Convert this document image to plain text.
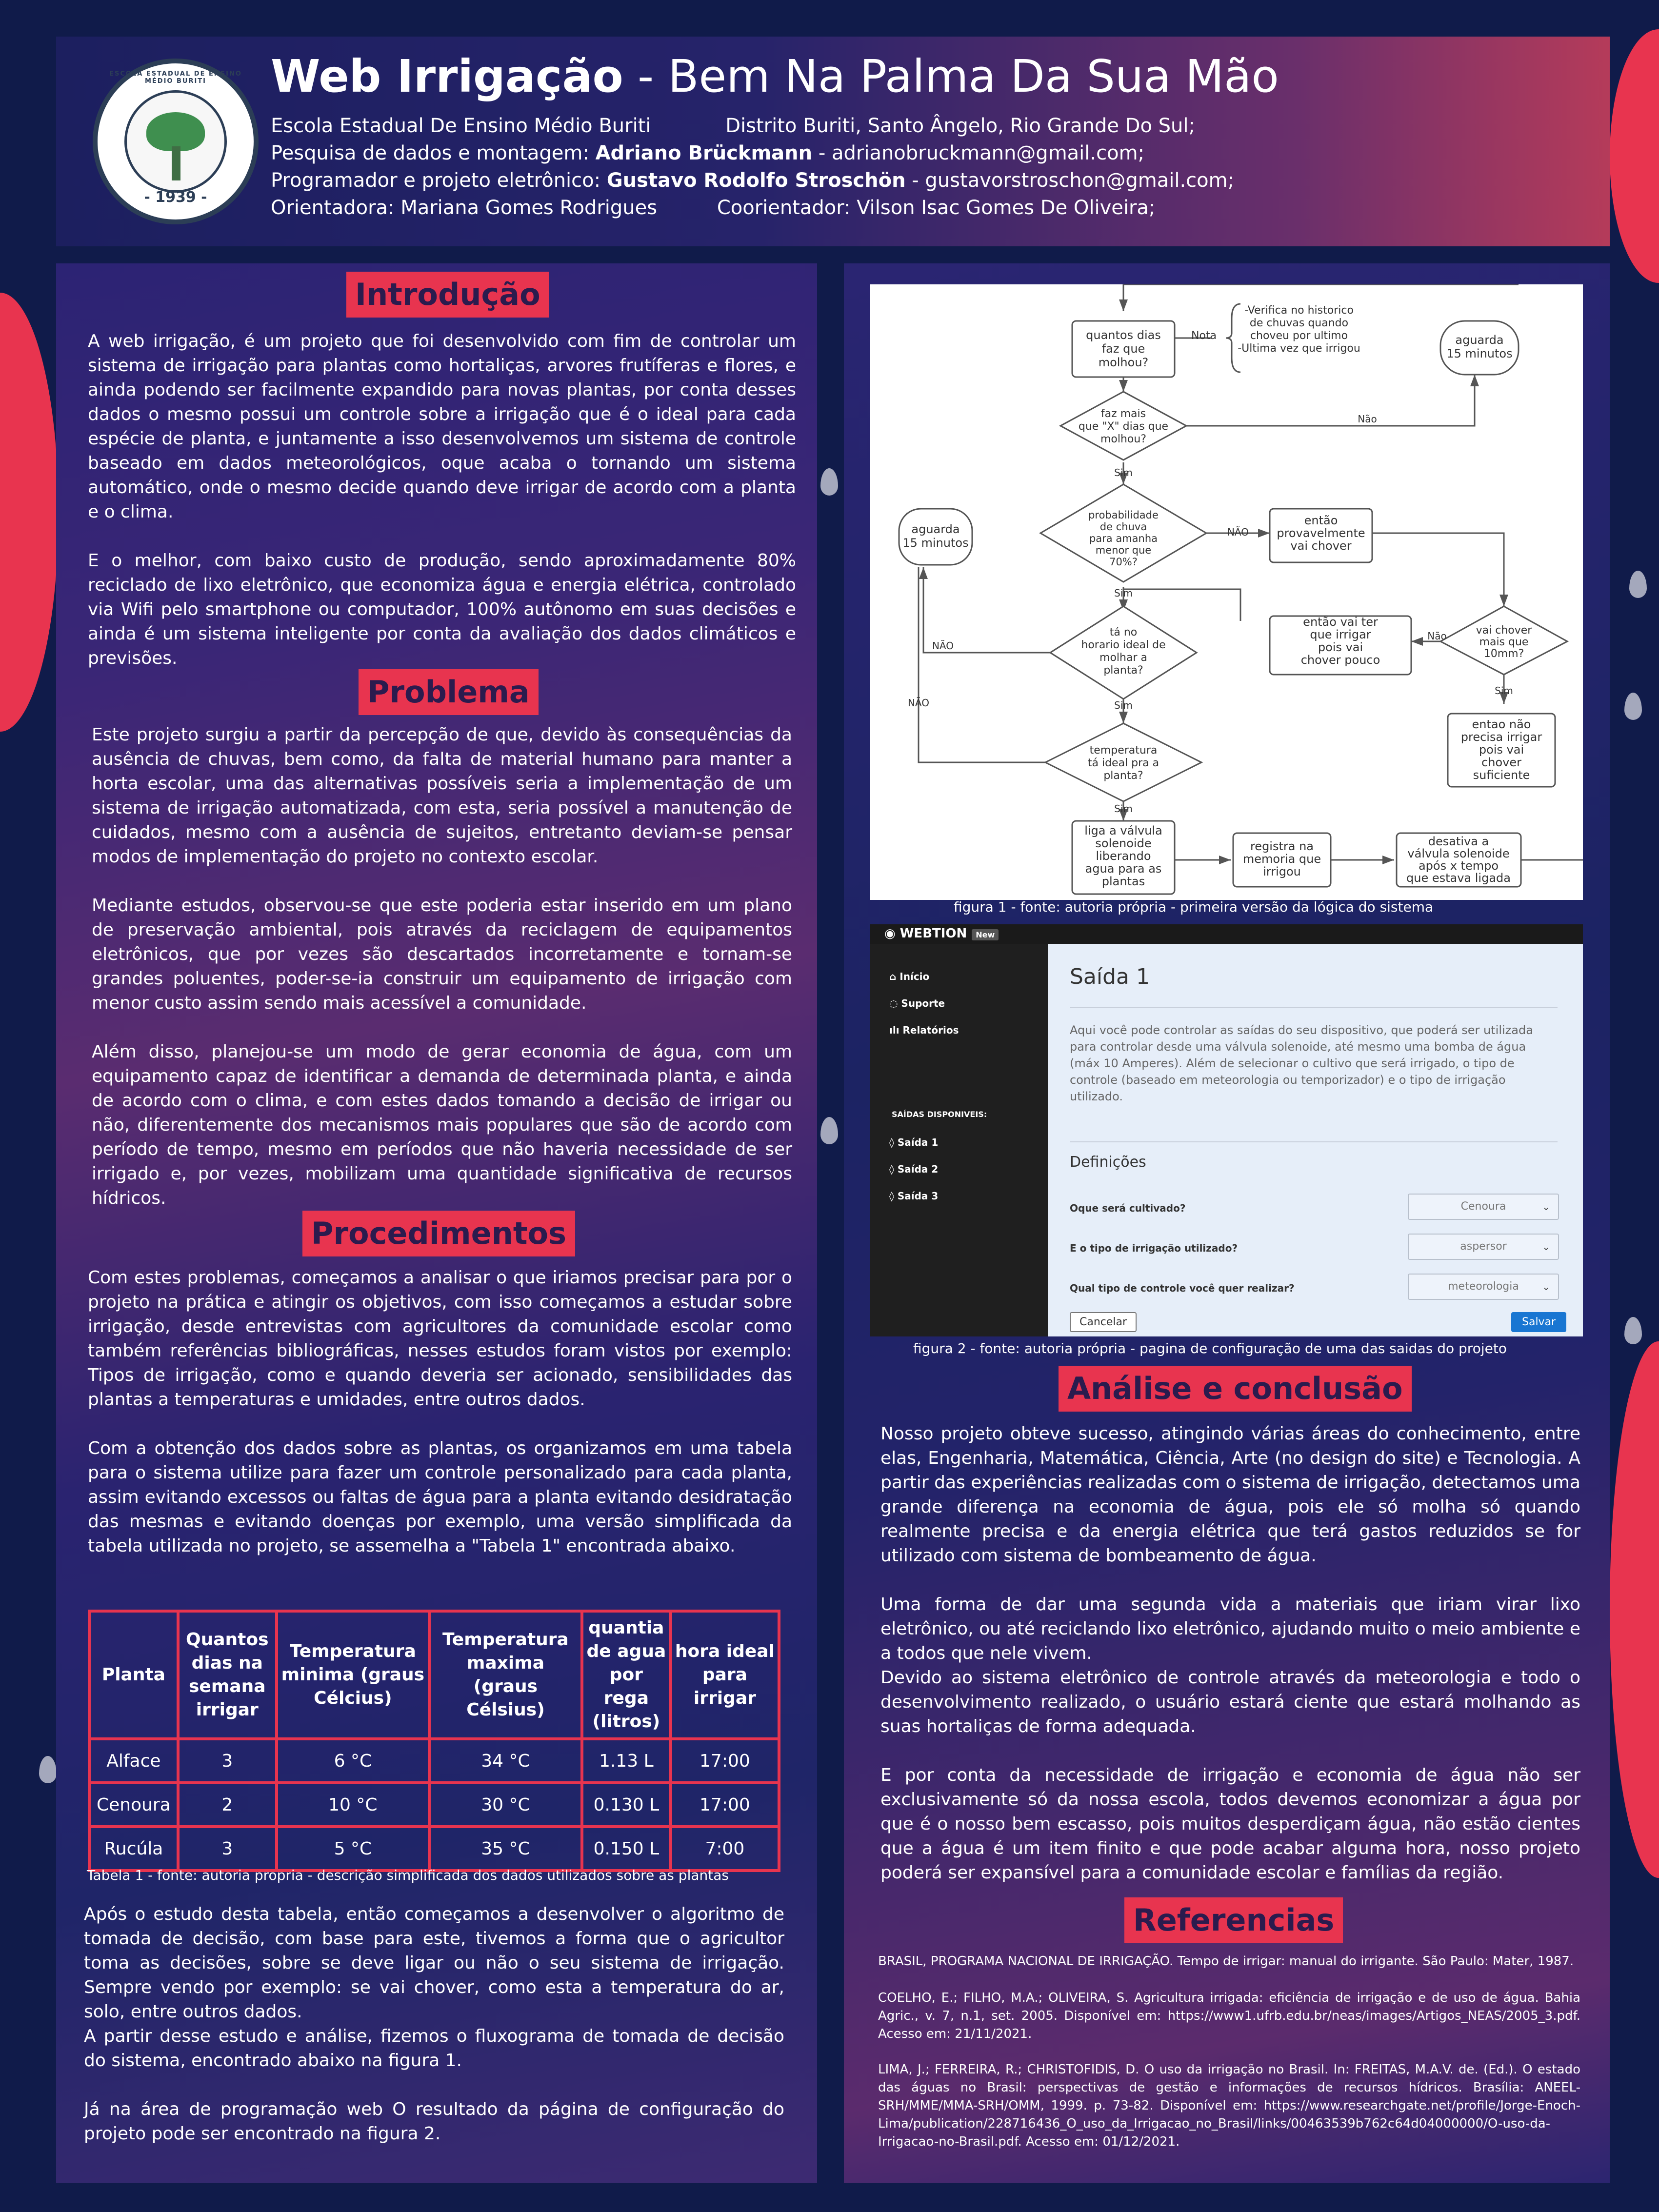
ESCOLA ESTADUAL DE ENSINO MÉDIO BURITI
- 1939 -
Web Irrigação - Bem Na Palma Da Sua Mão
Escola Estadual De Ensino Médio Buriti	Distrito Buriti, Santo Ângelo, Rio Grande Do Sul;
Pesquisa de dados e montagem: Adriano Brückmann - adrianobruckmann@gmail.com;
Programador e projeto eletrônico: Gustavo Rodolfo Stroschön - gustavorstroschon@gmail.com;
Orientadora: Mariana Gomes Rodrigues	Coorientador: Vilson Isac Gomes De Oliveira;
Introdução
A web irrigação, é um projeto que foi desenvolvido com fim de controlar um sistema de irrigação para plantas como hortaliças, arvores frutíferas e flores, e ainda podendo ser facilmente expandido para novas plantas, por conta desses dados o mesmo possui um controle sobre a irrigação que é o ideal para cada espécie de planta, e juntamente a isso desenvolvemos um sistema de controle baseado em dados meteorológicos, oque acaba o tornando um sistema automático, onde o mesmo decide quando deve irrigar de acordo com a planta e o clima.
E o melhor, com baixo custo de produção, sendo aproximadamente 80% reciclado de lixo eletrônico, que economiza água e energia elétrica, controlado via Wifi pelo smartphone ou computador, 100% autônomo em suas decisões e ainda é um sistema inteligente por conta da avaliação dos dados climáticos e previsões.
Problema
Este projeto surgiu a partir da percepção de que, devido às consequências da ausência de chuvas, bem como, da falta de material humano para manter a horta escolar, uma das alternativas possíveis seria a implementação de um sistema de irrigação automatizada, com esta, seria possível a manutenção de cuidados, mesmo com a ausência de sujeitos, entretanto deviam-se pensar modos de implementação do projeto no contexto escolar.
Mediante estudos, observou-se que este poderia estar inserido em um plano de preservação ambiental, pois através da reciclagem de equipamentos eletrônicos, que por vezes são descartados incorretamente e tornam-se grandes poluentes, poder-se-ia construir um equipamento de irrigação com menor custo assim sendo mais acessível a comunidade.
Além disso, planejou-se um modo de gerar economia de água, com um equipamento capaz de identificar a demanda de determinada planta, e ainda de acordo com o clima, e com estes dados tomando a decisão de irrigar ou não, diferentemente dos mecanismos mais populares que são de acordo com período de tempo, mesmo em períodos que não haveria necessidade de ser irrigado e, por vezes, mobilizam uma quantidade significativa de recursos hídricos.
Procedimentos
Com estes problemas, começamos a analisar o que iriamos precisar para por o projeto na prática e atingir os objetivos, com isso começamos a estudar sobre irrigação, desde entrevistas com agricultores da comunidade escolar como também referências bibliográficas, nesses estudos foram vistos por exemplo: Tipos de irrigação, como e quando deveria ser acionado, sensibilidades das plantas a temperaturas e umidades, entre outros dados.
Com a obtenção dos dados sobre as plantas, os organizamos em uma tabela para o sistema utilize para fazer um controle personalizado para cada planta, assim evitando excessos ou faltas de água para a planta evitando desidratação das mesmas e evitando doenças por exemplo, uma versão simplificada da tabela utilizada no projeto, se assemelha a "Tabela 1" encontrada abaixo.
Planta	Quantos dias na semana irrigar	Temperatura minima (graus Célcius)	Temperatura maxima (graus Célsius)	quantia de agua por rega (litros)	hora ideal para irrigar
Alface	3	6 °C	34 °C	1.13 L	17:00
Cenoura	2	10 °C	30 °C	0.130 L	17:00
Rucúla	3	5 °C	35 °C	0.150 L	7:00
Tabela 1 - fonte: autoria propria - descrição simplificada dos dados utilizados sobre as plantas
Após o estudo desta tabela, então começamos a desenvolver o algoritmo de tomada de decisão, com base para este, tivemos a forma que o agricultor toma as decisões, sobre se deve ligar ou não o seu sistema de irrigação. Sempre vendo por exemplo: se vai chover, como esta a temperatura do ar, solo, entre outros dados.
A partir desse estudo e análise, fizemos o fluxograma de tomada de decisão do sistema, encontrado abaixo na figura 1.
Já na área de programação web O resultado da página de configuração do projeto pode ser encontrado na figura 2.
quantos dias
faz que
molhou?
Nota
-Verifica no historico
de chuvas quando
choveu por ultimo
-Ultima vez que irrigou
aguarda
15 minutos
faz mais
que "X" dias que
molhou?
Não
Sim
probabilidade
de chuva
para amanha
menor que
70%?
NÃO
aguarda
15 minutos
então
provavelmente
vai chover
Sim
tá no
horario ideal de
molhar a
planta?
NÃO
então vai ter
que irrigar
pois vai
chover pouco
Não	vai chover
mais que
10mm?
Sim
Sim
NÃO
temperatura
tá ideal pra a
planta?
entao não
precisa irrigar
pois vai
chover
suficiente
Sim
liga a válvula
solenoide
liberando
agua para as
plantas
registra na
memoria que
irrigou
desativa a
válvula solenoide
após x tempo
que estava ligada
figura 1 - fonte: autoria própria - primeira versão da lógica do sistema
◉ WEBTION New
⌂ Início
◌ Suporte
ılı Relatórios
SAÍDAS DISPONIVEIS:
◊ Saída 1
◊ Saída 2
◊ Saída 3
Saída 1
Aqui você pode controlar as saídas do seu dispositivo, que poderá ser utilizada para controlar desde uma válvula solenoide, até mesmo uma bomba de água (máx 10 Amperes). Além de selecionar o cultivo que será irrigado, o tipo de controle (baseado em meteorologia ou temporizador) e o tipo de irrigação utilizado.
Definições
Oque será cultivado?	Cenoura	⌄
E o tipo de irrigação utilizado?	aspersor	⌄
Qual tipo de controle você quer realizar?	meteorologia ⌄
Cancelar	Salvar
figura 2 - fonte: autoria própria - pagina de configuração de uma das saidas do projeto
Análise e conclusão
Nosso projeto obteve sucesso, atingindo várias áreas do conhecimento, entre elas, Engenharia, Matemática, Ciência, Arte (no design do site) e Tecnologia. A partir das experiências realizadas com o sistema de irrigação, detectamos uma grande diferença na economia de água, pois ele só molha só quando realmente precisa e da energia elétrica que terá gastos reduzidos se for utilizado com sistema de bombeamento de água.
Uma forma de dar uma segunda vida a materiais que iriam virar lixo eletrônico, ou até reciclando lixo eletrônico, ajudando muito o meio ambiente e a todos que nele vivem.
Devido ao sistema eletrônico de controle através da meteorologia e todo o desenvolvimento realizado, o usuário estará ciente que estará molhando as suas hortaliças de forma adequada.
E por conta da necessidade de irrigação e economia de água não ser exclusivamente só da nossa escola, todos devemos economizar a água por que é o nosso bem escasso, pois muitos desperdiçam água, não estão cientes que a água é um item finito e que pode acabar alguma hora, nosso projeto poderá ser expansível para a comunidade escolar e famílias da região.
Referencias
BRASIL, PROGRAMA NACIONAL DE IRRIGAÇÃO. Tempo de irrigar: manual do irrigante. São Paulo: Mater, 1987.
COELHO, E.; FILHO, M.A.; OLIVEIRA, S. Agricultura irrigada: eficiência de irrigação e de uso de água. Bahia Agric., v. 7, n.1, set. 2005. Disponível em: https://www1.ufrb.edu.br/neas/images/Artigos_NEAS/2005_3.pdf. Acesso em: 21/11/2021.
LIMA, J.; FERREIRA, R.; CHRISTOFIDIS, D. O uso da irrigação no Brasil. In: FREITAS, M.A.V. de. (Ed.). O estado das águas no Brasil: perspectivas de gestão e informações de recursos hídricos. Brasília: ANEEL-SRH/MME/MMA-SRH/OMM, 1999. p. 73-82. Disponível em: https://www.researchgate.net/profile/Jorge-Enoch-Lima/publication/228716436_O_uso_da_Irrigacao_no_Brasil/links/00463539b762c64d04000000/O-uso-da-Irrigacao-no-Brasil.pdf. Acesso em: 01/12/2021.
